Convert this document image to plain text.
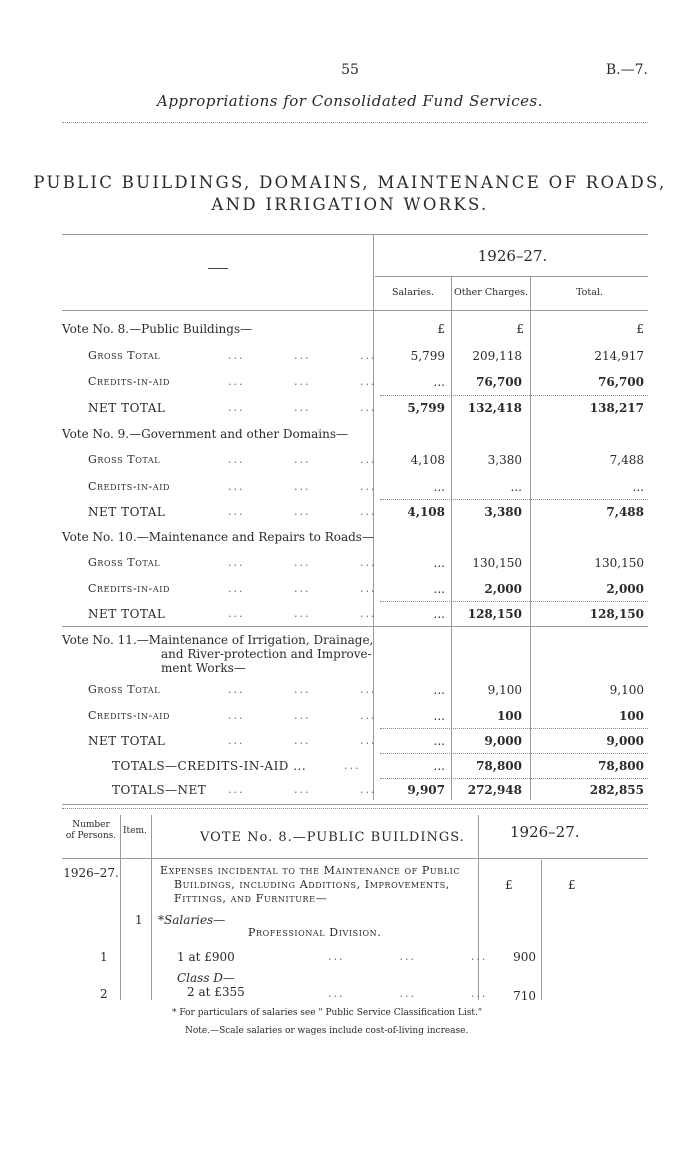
55	B.—7.
Appropriations for Consolidated Fund Services.
PUBLIC BUILDINGS, DOMAINS, MAINTENANCE OF ROADS,
AND IRRIGATION WORKS.
1926–27.
Salaries.	Other Charges.	Total.
£	£	£
Vote No. 8.—Public Buildings—
Gross Total	...	...	...	5,799	209,118	214,917
Credits-in-aid	...	...	...	...	76,700	76,700
NET TOTAL	...	...	...	5,799	132,418	138,217
Vote No. 9.—Government and other Domains—
Gross Total	...	...	...	4,108	3,380	7,488
Credits-in-aid	...	...	...	...	...	...
NET TOTAL	...	...	...	4,108	3,380	7,488
Vote No. 10.—Maintenance and Repairs to Roads—
Gross Total	...	...	...	...	130,150	130,150
Credits-in-aid	...	...	...	...	2,000	2,000
NET TOTAL	...	...	...	...	128,150	128,150
Vote No. 11.—Maintenance of Irrigation, Drainage,
and River-protection and Improve-
ment Works—
Gross Total	...	...	...	...	9,100	9,100
Credits-in-aid	...	...	...	...	100	100
NET TOTAL	...	...	...	...	9,000	9,000
TOTALS—CREDITS-IN-AID ...	...	...	78,800	78,800
TOTALS—NET ...	...	...	9,907	272,948	282,855
Number
of Persons. Item.	VOTE No. 8.—PUBLIC BUILDINGS.	1926–27.
1926–27.	Expenses incidental to the Maintenance of Public
Buildings, including Additions, Improvements,
Fittings, and Furniture—
£	£
1 *Salaries—
Professional Division.
1	1 at £900	...          ...          ...	900
Class D—
2	2 at £355	...          ...          ...	710
* For particulars of salaries see " Public Service Classification List."
Note.—Scale salaries or wages include cost-of-living increase.
